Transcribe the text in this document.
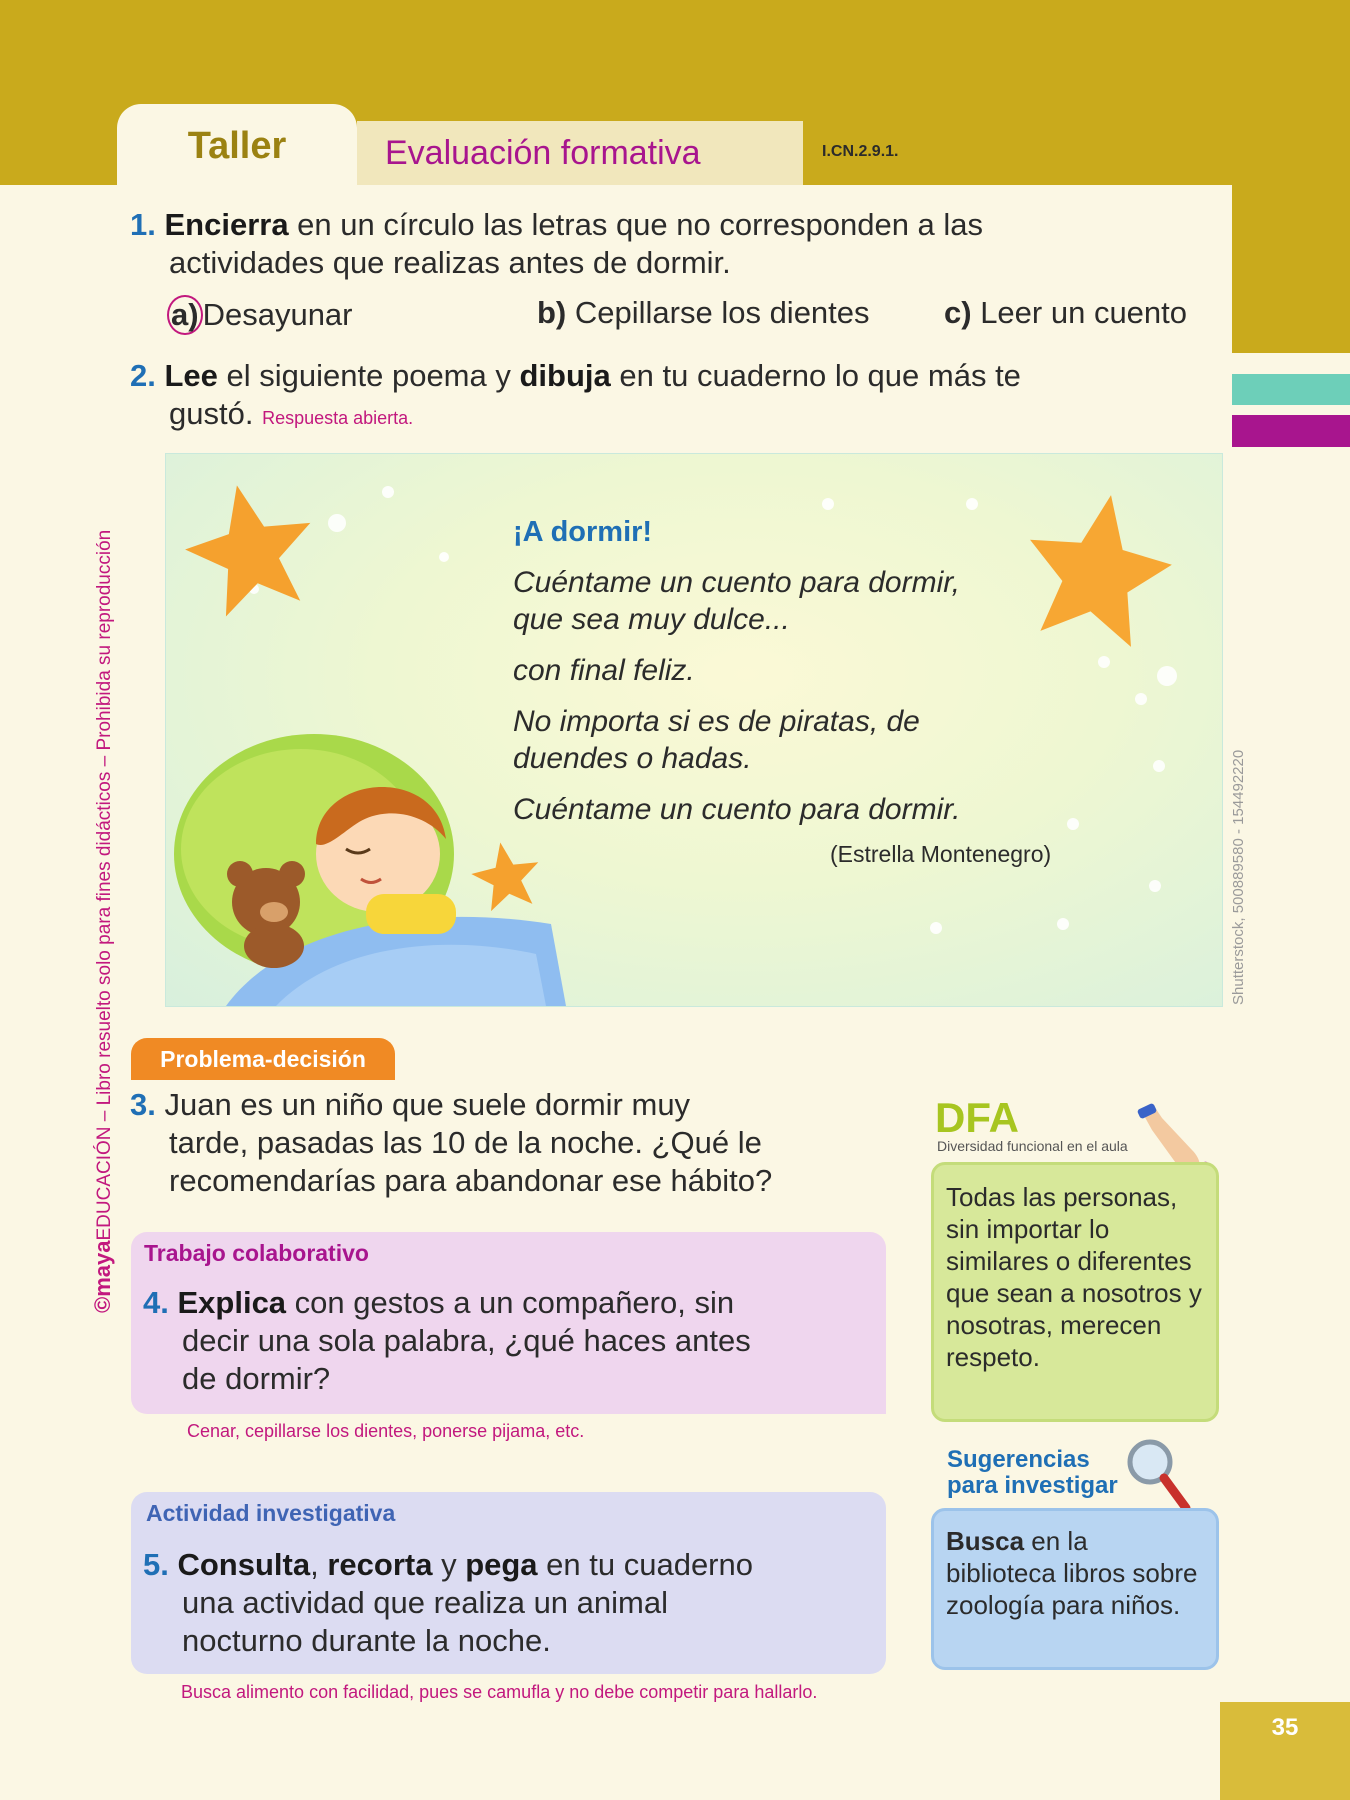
Taller	Evaluación formativa	I.CN.2.9.1.
1. Encierra en un círculo las letras que no corresponden a las
actividades que realizas antes de dormir.
a) Desayunar	b) Cepillarse los dientes c) Leer un cuento
2. Lee el siguiente poema y dibuja en tu cuaderno lo que más te
gustó. Respuesta abierta.
¡A dormir!
Cuéntame un cuento para dormir,
que sea muy dulce...
con final feliz.
No importa si es de piratas, de
duendes o hadas.
Cuéntame un cuento para dormir.
(Estrella Montenegro)	Shutterstock, 500889580 - 154492220
Problema-decisión
3. Juan es un niño que suele dormir muy
tarde, pasadas las 10 de la noche. ¿Qué le
recomendarías para abandonar ese hábito?
Trabajo colaborativo
4. Explica con gestos a un compañero, sin
decir una sola palabra, ¿qué haces antes
de dormir?
Cenar, cepillarse los dientes, ponerse pijama, etc.
Actividad investigativa
5. Consulta, recorta y pega en tu cuaderno
una actividad que realiza un animal
nocturno durante la noche.
Busca alimento con facilidad, pues se camufla y no debe competir para hallarlo.
DFA
Diversidad funcional en el aula
Todas las personas, sin importar lo similares o diferentes que sean a nosotros y nosotras, merecen respeto.
Sugerencias
para investigar
Busca en la biblioteca libros sobre zoología para niños.
©mayaEDUCACIÓN – Libro resuelto solo para fines didácticos – Prohibida su reproducción
35
